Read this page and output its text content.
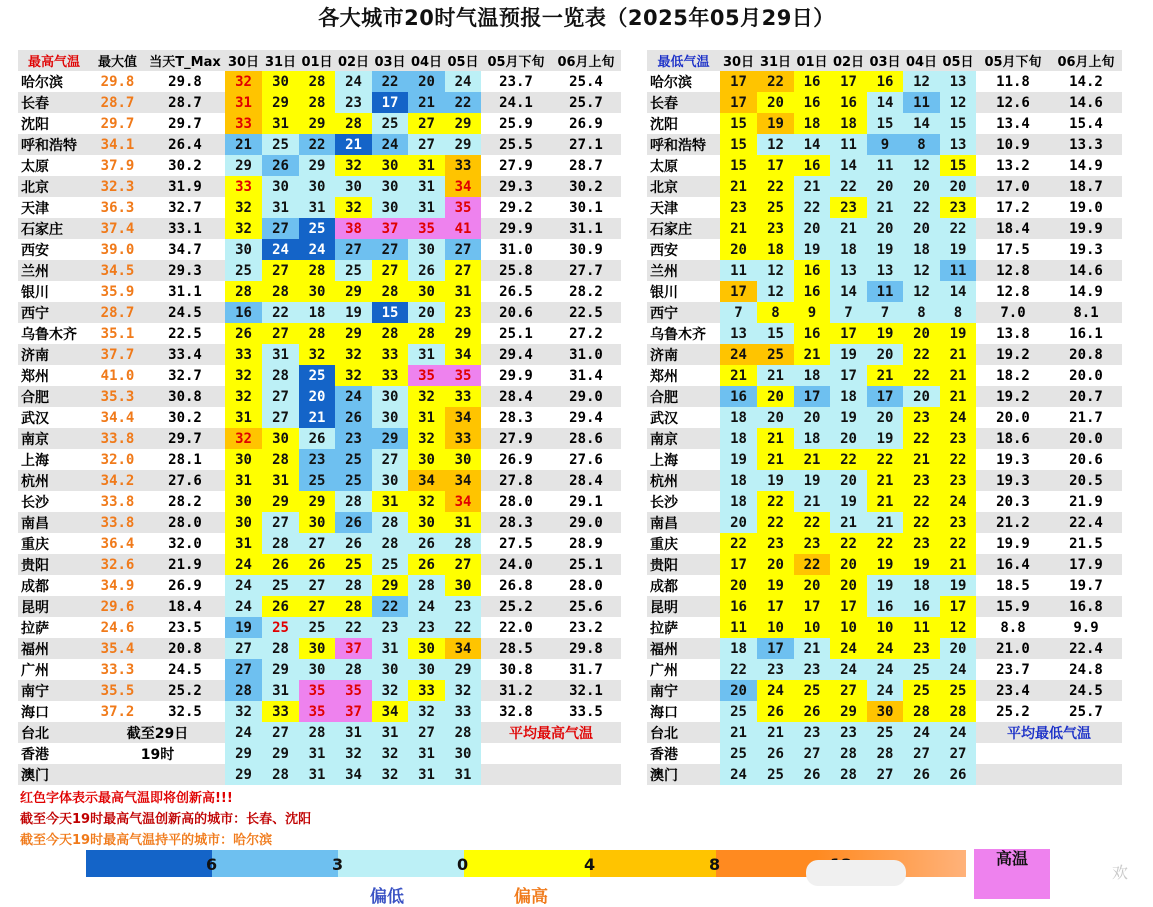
各大城市20时气温预报一览表（2025年05月29日）
最高气温	最大值	当天T_Max	30日	31日	01日	02日	03日	04日	05日	05月下旬	06月上旬
哈尔滨	29.8	29.8	32	30	28	24	22	20	24	23.7	25.4
长春	28.7	28.7	31	29	28	23	17	21	22	24.1	25.7
沈阳	29.7	29.7	33	31	29	28	25	27	29	25.9	26.9
呼和浩特	34.1	26.4	21	25	22	21	24	27	29	25.5	27.1
太原	37.9	30.2	29	26	29	32	30	31	33	27.9	28.7
北京	32.3	31.9	33	30	30	30	30	31	34	29.3	30.2
天津	36.3	32.7	32	31	31	32	30	31	35	29.2	30.1
石家庄	37.4	33.1	32	27	25	38	37	35	41	29.9	31.1
西安	39.0	34.7	30	24	24	27	27	30	27	31.0	30.9
兰州	34.5	29.3	25	27	28	25	27	26	27	25.8	27.7
银川	35.9	31.1	28	28	30	29	28	30	31	26.5	28.2
西宁	28.7	24.5	16	22	18	19	15	20	23	20.6	22.5
乌鲁木齐	35.1	22.5	26	27	28	29	28	28	29	25.1	27.2
济南	37.7	33.4	33	31	32	32	33	31	34	29.4	31.0
郑州	41.0	32.7	32	28	25	32	33	35	35	29.9	31.4
合肥	35.3	30.8	32	27	20	24	30	32	33	28.4	29.0
武汉	34.4	30.2	31	27	21	26	30	31	34	28.3	29.4
南京	33.8	29.7	32	30	26	23	29	32	33	27.9	28.6
上海	32.0	28.1	30	28	23	25	27	30	30	26.9	27.6
杭州	34.2	27.6	31	31	25	25	30	34	34	27.8	28.4
长沙	33.8	28.2	30	29	29	28	31	32	34	28.0	29.1
南昌	33.8	28.0	30	27	30	26	28	30	31	28.3	29.0
重庆	36.4	32.0	31	28	27	26	28	26	28	27.5	28.9
贵阳	32.6	21.9	24	26	26	25	25	26	27	24.0	25.1
成都	34.9	26.9	24	25	27	28	29	28	30	26.8	28.0
昆明	29.6	18.4	24	26	27	28	22	24	23	25.2	25.6
拉萨	24.6	23.5	19	25	25	22	23	23	22	22.0	23.2
福州	35.4	20.8	27	28	30	37	31	30	34	28.5	29.8
广州	33.3	24.5	27	29	30	28	30	30	29	30.8	31.7
南宁	35.5	25.2	28	31	35	35	32	33	32	31.2	32.1
海口	37.2	32.5	32	33	35	37	34	32	33	32.8	33.5
台北	截至29日		24	27	28	31	31	27	28	平均最高气温	
香港	19时		29	29	31	32	32	31	30		
澳门			29	28	31	34	32	31	31		
最低气温	30日	31日	01日	02日	03日	04日	05日	05月下旬	06月上旬
哈尔滨	17	22	16	17	16	12	13	11.8	14.2
长春	17	20	16	16	14	11	12	12.6	14.6
沈阳	15	19	18	18	15	14	15	13.4	15.4
呼和浩特	15	12	14	11	9	8	13	10.9	13.3
太原	15	17	16	14	11	12	15	13.2	14.9
北京	21	22	21	22	20	20	20	17.0	18.7
天津	23	25	22	23	21	22	23	17.2	19.0
石家庄	21	23	20	21	20	20	22	18.4	19.9
西安	20	18	19	18	19	18	19	17.5	19.3
兰州	11	12	16	13	13	12	11	12.8	14.6
银川	17	12	16	14	11	12	14	12.8	14.9
西宁	7	8	9	7	7	8	8	7.0	8.1
乌鲁木齐	13	15	16	17	19	20	19	13.8	16.1
济南	24	25	21	19	20	22	21	19.2	20.8
郑州	21	21	18	17	21	22	21	18.2	20.0
合肥	16	20	17	18	17	20	21	19.2	20.7
武汉	18	20	20	19	20	23	24	20.0	21.7
南京	18	21	18	20	19	22	23	18.6	20.0
上海	19	21	21	22	22	21	22	19.3	20.6
杭州	18	19	19	20	21	23	23	19.3	20.5
长沙	18	22	21	19	21	22	24	20.3	21.9
南昌	20	22	22	21	21	22	23	21.2	22.4
重庆	22	23	23	22	22	23	22	19.9	21.5
贵阳	17	20	22	20	19	19	21	16.4	17.9
成都	20	19	20	20	19	18	19	18.5	19.7
昆明	16	17	17	17	16	16	17	15.9	16.8
拉萨	11	10	10	10	10	11	12	8.8	9.9
福州	18	17	21	24	24	23	20	21.0	22.4
广州	22	23	23	24	24	25	24	23.7	24.8
南宁	20	24	25	27	24	25	25	23.4	24.5
海口	25	26	26	29	30	28	28	25.2	25.7
台北	21	21	23	23	25	24	24	平均最低气温	
香港	25	26	27	28	28	27	27		
澳门	24	25	26	28	27	26	26		
红色字体表示最高气温即将创新高!!!
截至今天19时最高气温创新高的城市：长春、沈阳
截至今天19时最高气温持平的城市：哈尔滨
6	3	0	4	8	高温
偏低	偏高
欢
